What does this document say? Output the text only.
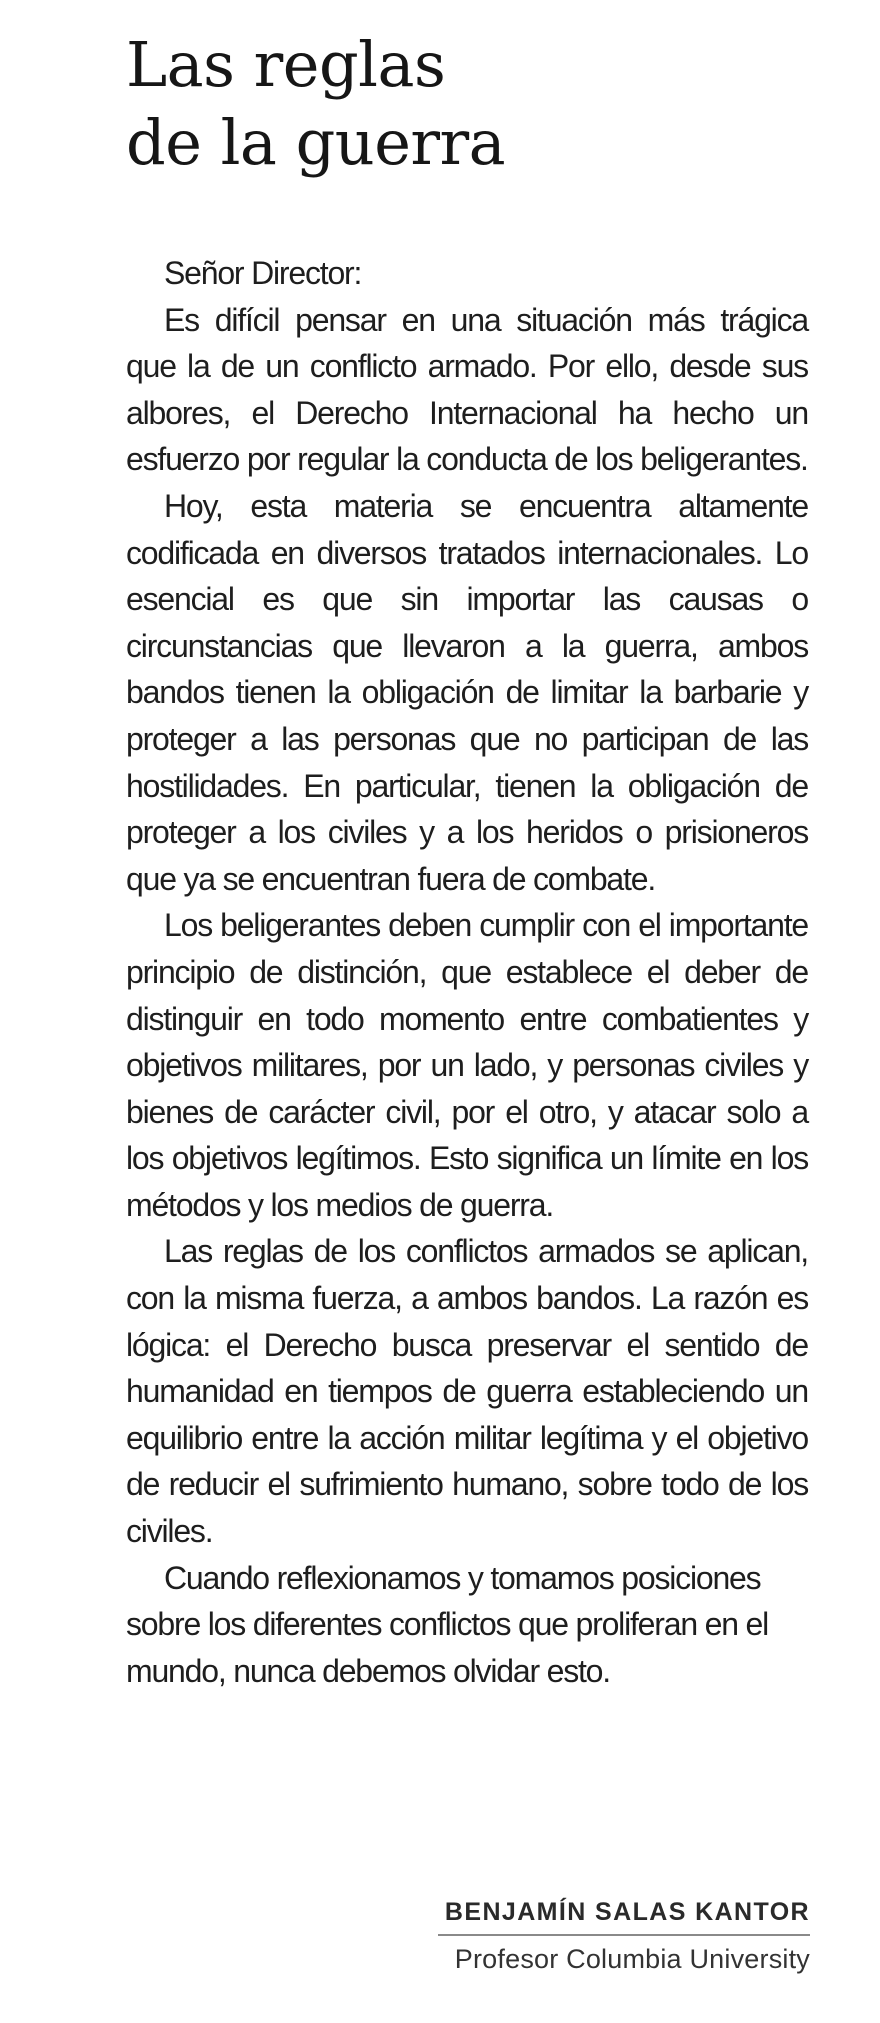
Las reglas
de la guerra

Señor Director:

Es difícil pensar en una situación más trágica que la de un conflicto armado. Por ello, desde sus albores, el Derecho Internacional ha hecho un esfuerzo por regular la conducta de los beligerantes.

Hoy, esta materia se encuentra altamente codificada en diversos tratados internacionales. Lo esencial es que sin importar las causas o circunstancias que llevaron a la guerra, ambos bandos tienen la obligación de limitar la barbarie y proteger a las personas que no participan de las hostilidades. En particular, tienen la obligación de proteger a los civiles y a los heridos o prisioneros que ya se encuentran fuera de combate.

Los beligerantes deben cumplir con el importante principio de distinción, que establece el deber de distinguir en todo momento entre combatientes y objetivos militares, por un lado, y personas civiles y bienes de carácter civil, por el otro, y atacar solo a los objetivos legítimos. Esto significa un límite en los métodos y los medios de guerra.

Las reglas de los conflictos armados se aplican, con la misma fuerza, a ambos bandos. La razón es lógica: el Derecho busca preservar el sentido de humanidad en tiempos de guerra estableciendo un equilibrio entre la acción militar legítima y el objetivo de reducir el sufrimiento humano, sobre todo de los civiles.

Cuando reflexionamos y tomamos posiciones sobre los diferentes conflictos que proliferan en el mundo, nunca debemos olvidar esto.

BENJAMÍN SALAS KANTOR
Profesor Columbia University
